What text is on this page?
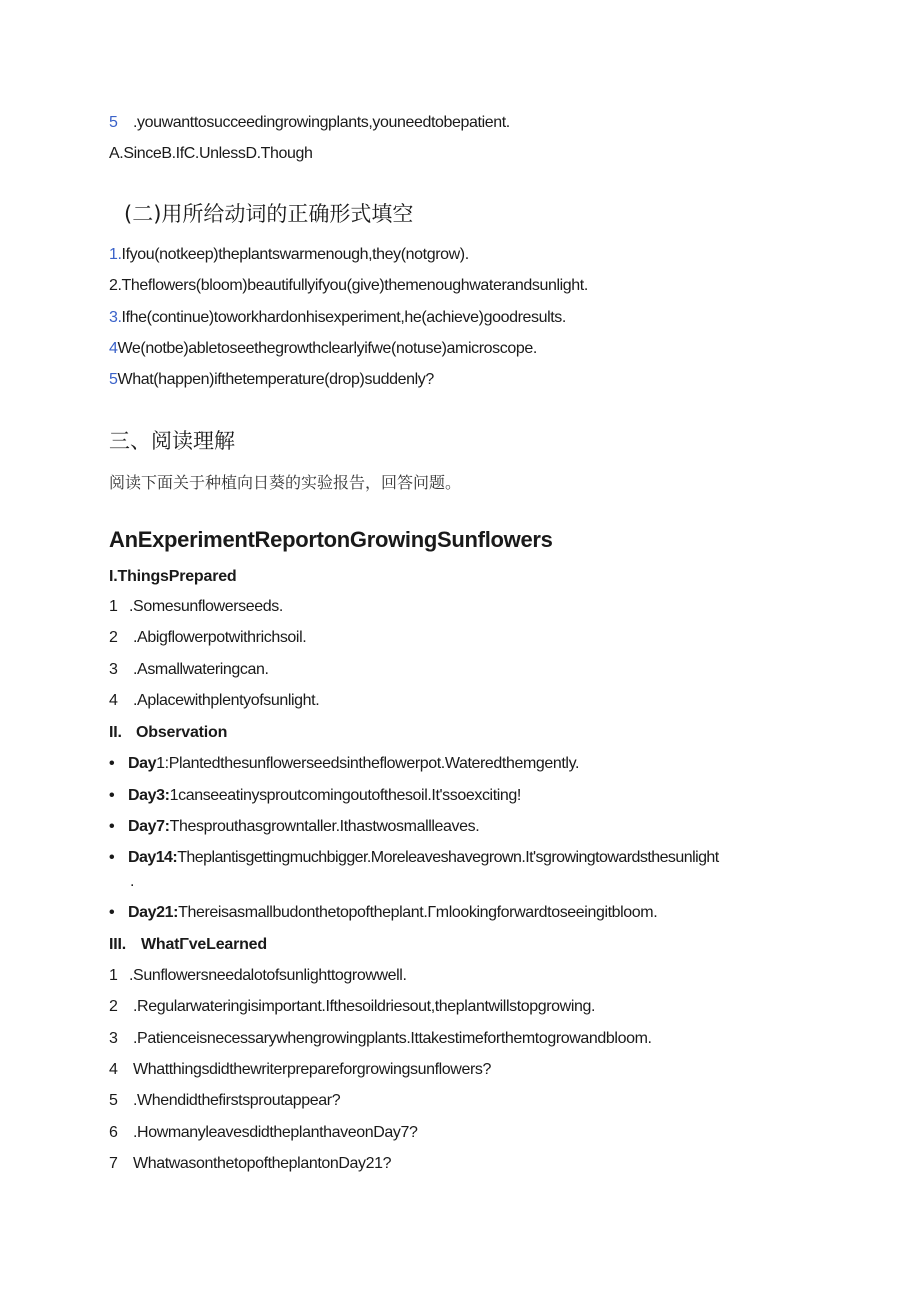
5 .youwanttosucceedingrowingplants,youneedtobepatient.
A.SinceB.IfC.UnlessD.Though
(二)用所给动词的正确形式填空
1.Ifyou(notkeep)theplantswarmenough,they(notgrow).
2.Theflowers(bloom)beautifullyifyou(give)themenoughwaterandsunlight.
3.Ifhe(continue)toworkhardonhisexperiment,he(achieve)goodresults.
4We(notbe)abletoseethegrowthclearlyifwe(notuse)amicroscope.
5What(happen)ifthetemperature(drop)suddenly?
三、阅读理解
阅读下面关于种植向日葵的实验报告，回答问题。
AnExperimentReportonGrowingSunflowers
I.ThingsPrepared
1 .Somesunflowerseeds.
2 .Abigflowerpotwithrichsoil.
3 .Asmallwateringcan.
4 .Aplacewithplentyofsunlight.
II. Observation
• Day1:Plantedthesunflowerseedsintheflowerpot.Wateredthemgently.
• Day3:1canseeatinysproutcomingoutofthesoil.It'ssoexciting!
• Day7:Thesprouthasgrowntaller.Ithastwosmallleaves.
• Day14:Theplantisgettingmuchbigger.Moreleaveshavegrown.It'sgrowingtowardsthesunlight
.
• Day21:Thereisasmallbudonthetopoftheplant.Γmlookingforwardtoseeingitbloom.
III. WhatΓveLearned
1 .Sunflowersneedalotofsunlighttogrowwell.
2 .Regularwateringisimportant.Ifthesoildriesout,theplantwillstopgrowing.
3 .Patienceisnecessarywhengrowingplants.Ittakestimeforthemtogrowandbloom.
4 Whatthingsdidthewriterprepareforgrowingsunflowers?
5 .Whendidthefirstsproutappear?
6 .HowmanyleavesdidtheplanthaveonDay7?
7 WhatwasonthetopoftheplantonDay21?
